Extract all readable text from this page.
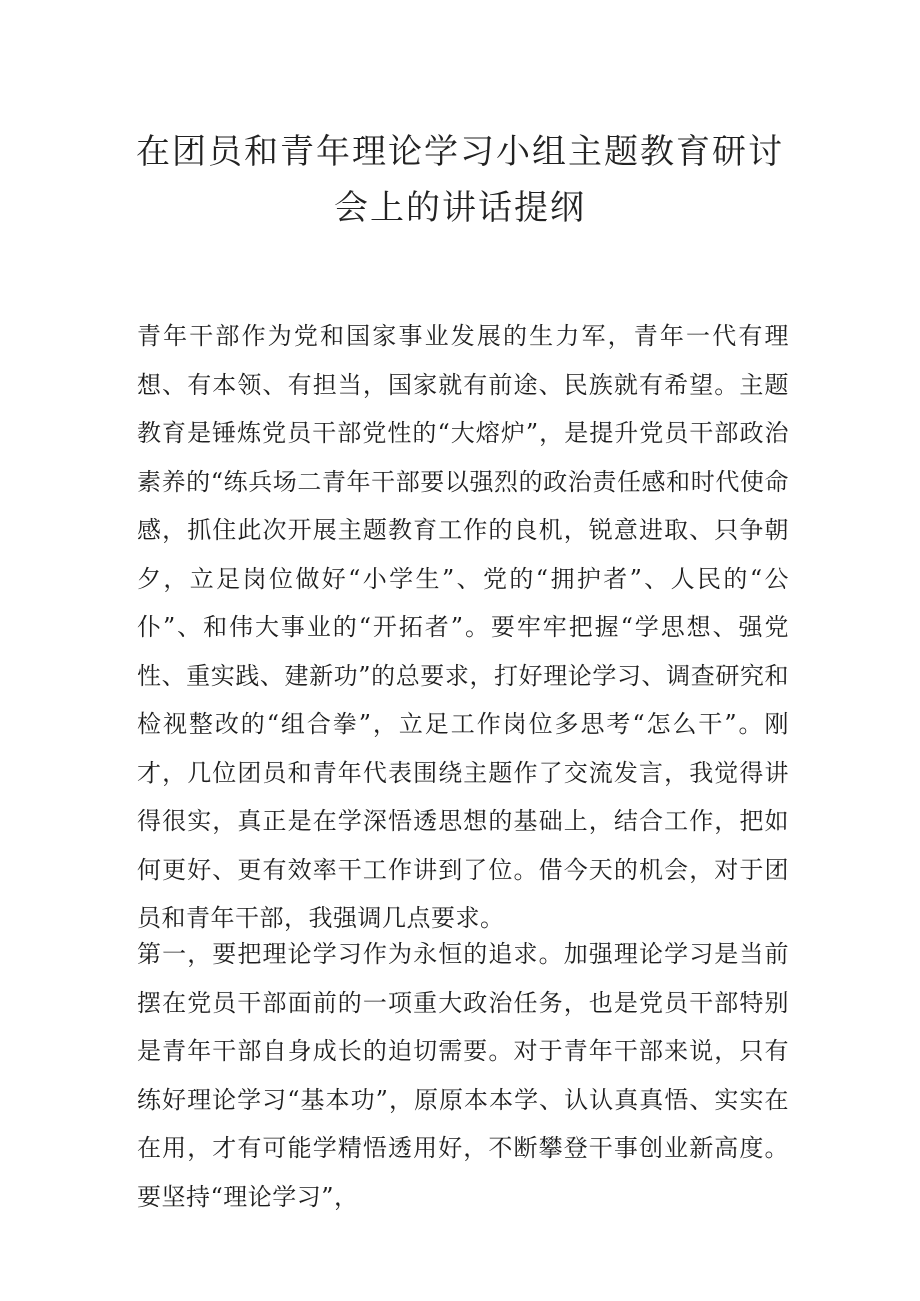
在团员和青年理论学习小组主题教育研讨
会上的讲话提纲

青年干部作为党和国家事业发展的生力军，青年一代有理想、有本领、有担当，国家就有前途、民族就有希望。主题教育是锤炼党员干部党性的“大熔炉”，是提升党员干部政治素养的“练兵场二青年干部要以强烈的政治责任感和时代使命感，抓住此次开展主题教育工作的良机，锐意进取、只争朝夕，立足岗位做好“小学生”、党的“拥护者”、人民的“公仆”、和伟大事业的“开拓者”。要牢牢把握“学思想、强党性、重实践、建新功”的总要求，打好理论学习、调查研究和检视整改的“组合拳”，立足工作岗位多思考“怎么干”。刚才，几位团员和青年代表围绕主题作了交流发言，我觉得讲得很实，真正是在学深悟透思想的基础上，结合工作，把如何更好、更有效率干工作讲到了位。借今天的机会，对于团员和青年干部，我强调几点要求。

第一，要把理论学习作为永恒的追求。加强理论学习是当前摆在党员干部面前的一项重大政治任务，也是党员干部特别是青年干部自身成长的迫切需要。对于青年干部来说，只有练好理论学习“基本功”，原原本本学、认认真真悟、实实在在用，才有可能学精悟透用好，不断攀登干事创业新高度。要坚持“理论学习”，
